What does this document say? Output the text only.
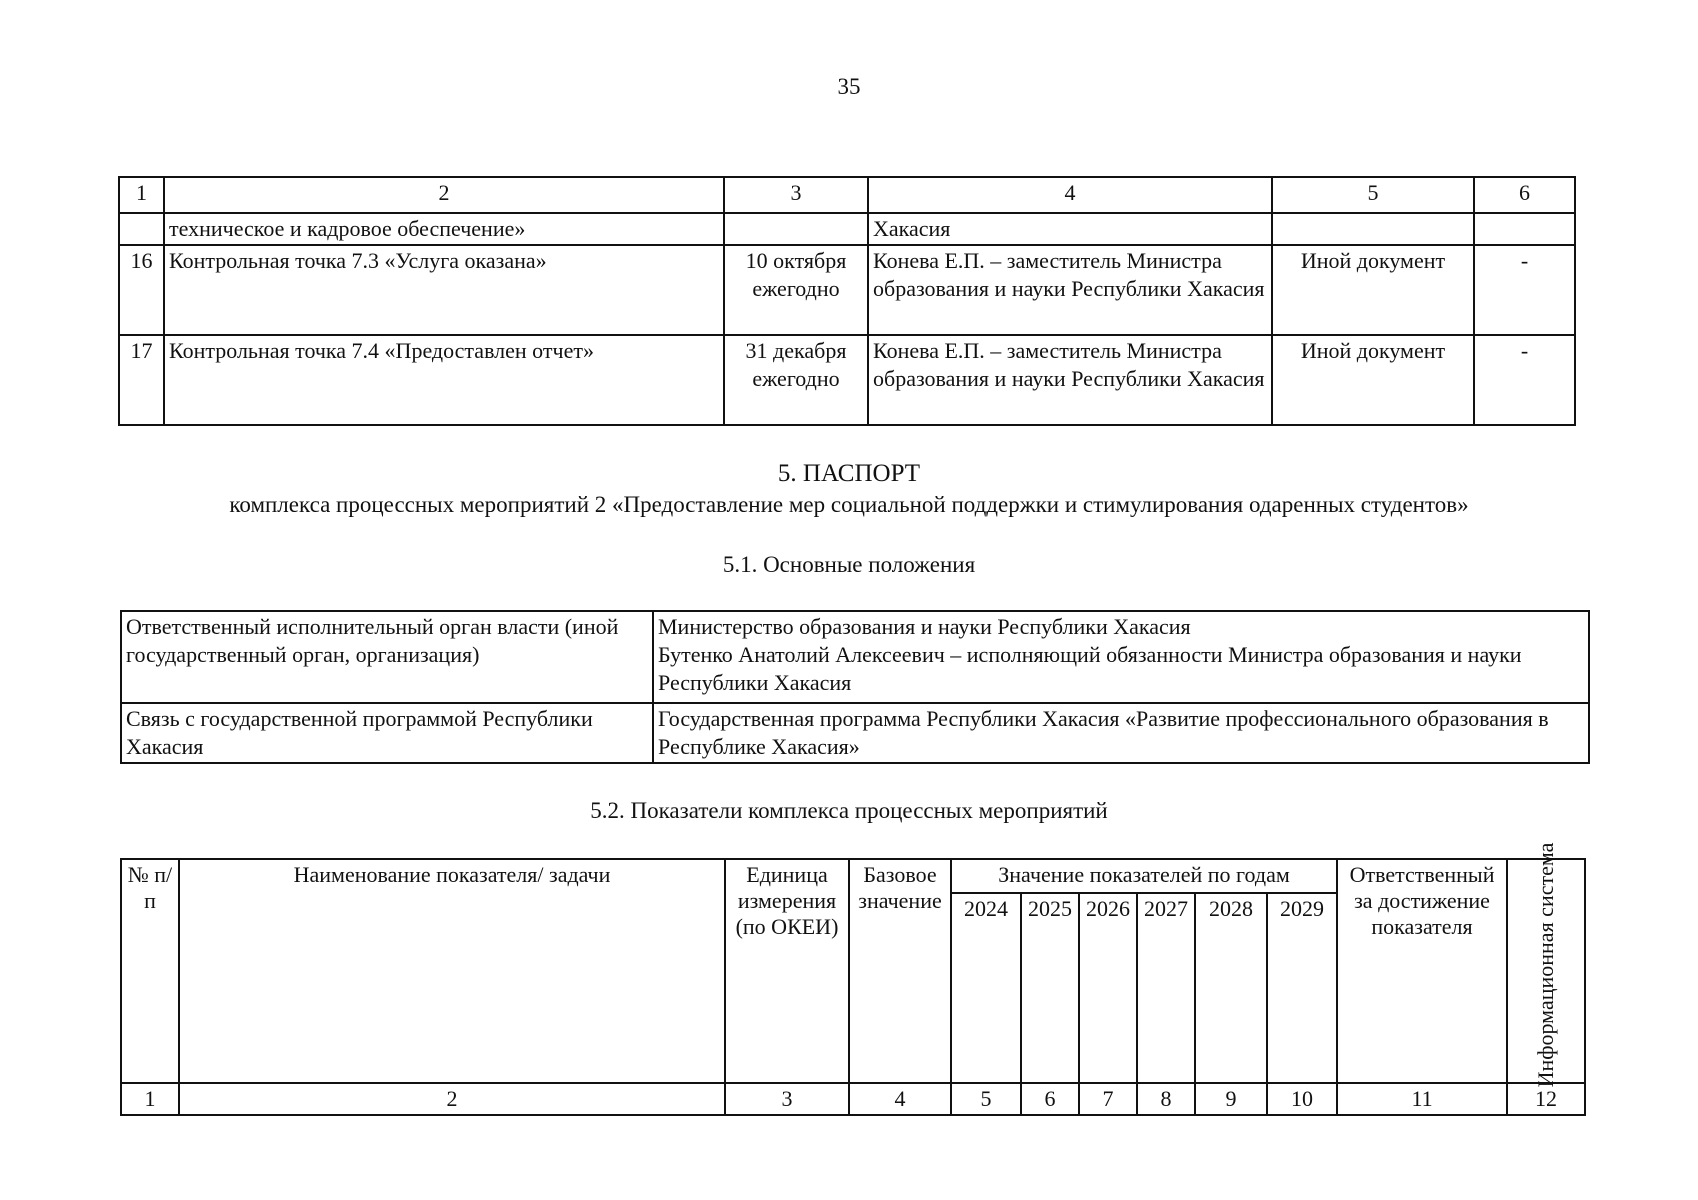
35
1	2	3	4	5	6
	техническое и кадровое обеспечение»		Хакасия		
16	Контрольная точка 7.3 «Услуга оказана»	10 октября ежегодно	Конева Е.П. – заместитель Министра образования и науки Республики Хакасия	Иной документ	-
17	Контрольная точка 7.4 «Предоставлен отчет»	31 декабря ежегодно	Конева Е.П. – заместитель Министра образования и науки Республики Хакасия	Иной документ	-
5. ПАСПОРТ
комплекса процессных мероприятий 2 «Предоставление мер социальной поддержки и стимулирования одаренных студентов»
5.1. Основные положения
Ответственный исполнительный орган власти (иной государственный орган, организация)	Министерство образования и науки Республики Хакасия
Бутенко Анатолий Алексеевич – исполняющий обязанности Министра образования и науки Республики Хакасия

Связь с государственной программой Республики Хакасия	Государственная программа Республики Хакасия «Развитие профессионального образования в Республике Хакасия»
5.2. Показатели комплекса процессных мероприятий
№ п/п	Наименование показателя/ задачи	Единица измерения (по ОКЕИ)	Базовое значение	Значение показателей по годам						Ответственный за достижение показателя	Информационная система

				2024	2025	2026	2027	2028	2029		
1	2	3	4	5	6	7	8	9	10	11	12
